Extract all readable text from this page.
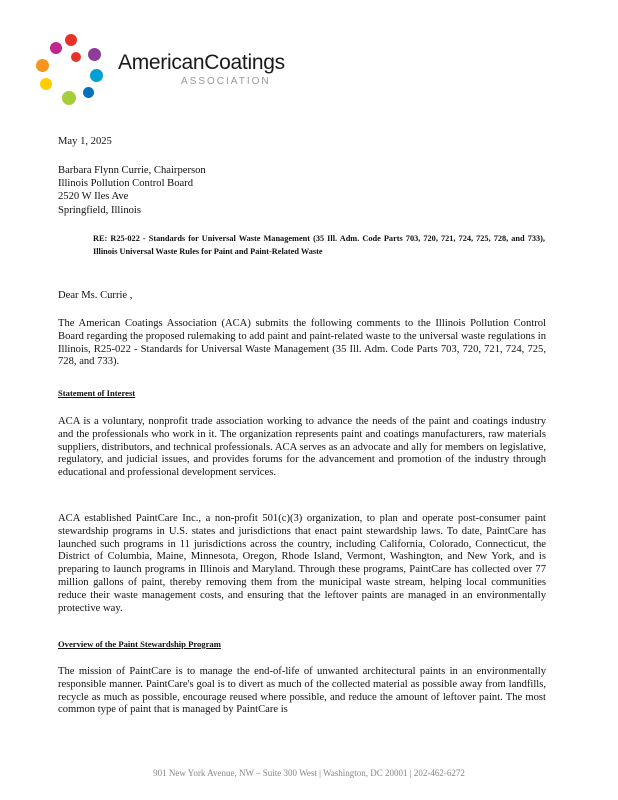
AmericanCoatings
ASSOCIATION

May 1, 2025

Barbara Flynn Currie, Chairperson

Illinois Pollution Control Board

2520 W Iles Ave

Springfield, Illinois

RE: R25-022 - Standards for Universal Waste Management (35 Ill. Adm. Code Parts 703, 720, 721, 724, 725, 728, and 733), Illinois Universal Waste Rules for Paint and Paint-Related Waste

Dear Ms. Currie ,

The American Coatings Association (ACA) submits the following comments to the Illinois Pollution Control Board regarding the proposed rulemaking to add paint and paint-related waste to the universal waste regulations in Illinois, R25-022 - Standards for Universal Waste Management (35 Ill. Adm. Code Parts 703, 720, 721, 724, 725, 728, and 733).

Statement of Interest

ACA is a voluntary, nonprofit trade association working to advance the needs of the paint and coatings industry and the professionals who work in it. The organization represents paint and coatings manufacturers, raw materials suppliers, distributors, and technical professionals. ACA serves as an advocate and ally for members on legislative, regulatory, and judicial issues, and provides forums for the advancement and promotion of the industry through educational and professional development services.

ACA established PaintCare Inc., a non-profit 501(c)(3) organization, to plan and operate post-consumer paint stewardship programs in U.S. states and jurisdictions that enact paint stewardship laws. To date, PaintCare has launched such programs in 11 jurisdictions across the country, including California, Colorado, Connecticut, the District of Columbia, Maine, Minnesota, Oregon, Rhode Island, Vermont, Washington, and New York, and is preparing to launch programs in Illinois and Maryland. Through these programs, PaintCare has collected over 77 million gallons of paint, thereby removing them from the municipal waste stream, helping local communities reduce their waste management costs, and ensuring that the leftover paints are managed in an environmentally protective way.

Overview of the Paint Stewardship Program

The mission of PaintCare is to manage the end-of-life of unwanted architectural paints in an environmentally responsible manner. PaintCare's goal is to divert as much of the collected material as possible away from landfills, recycle as much as possible, encourage reused where possible, and reduce the amount of leftover paint. The most common type of paint that is managed by PaintCare is

901 New York Avenue, NW – Suite 300 West | Washington, DC 20001 | 202-462-6272
